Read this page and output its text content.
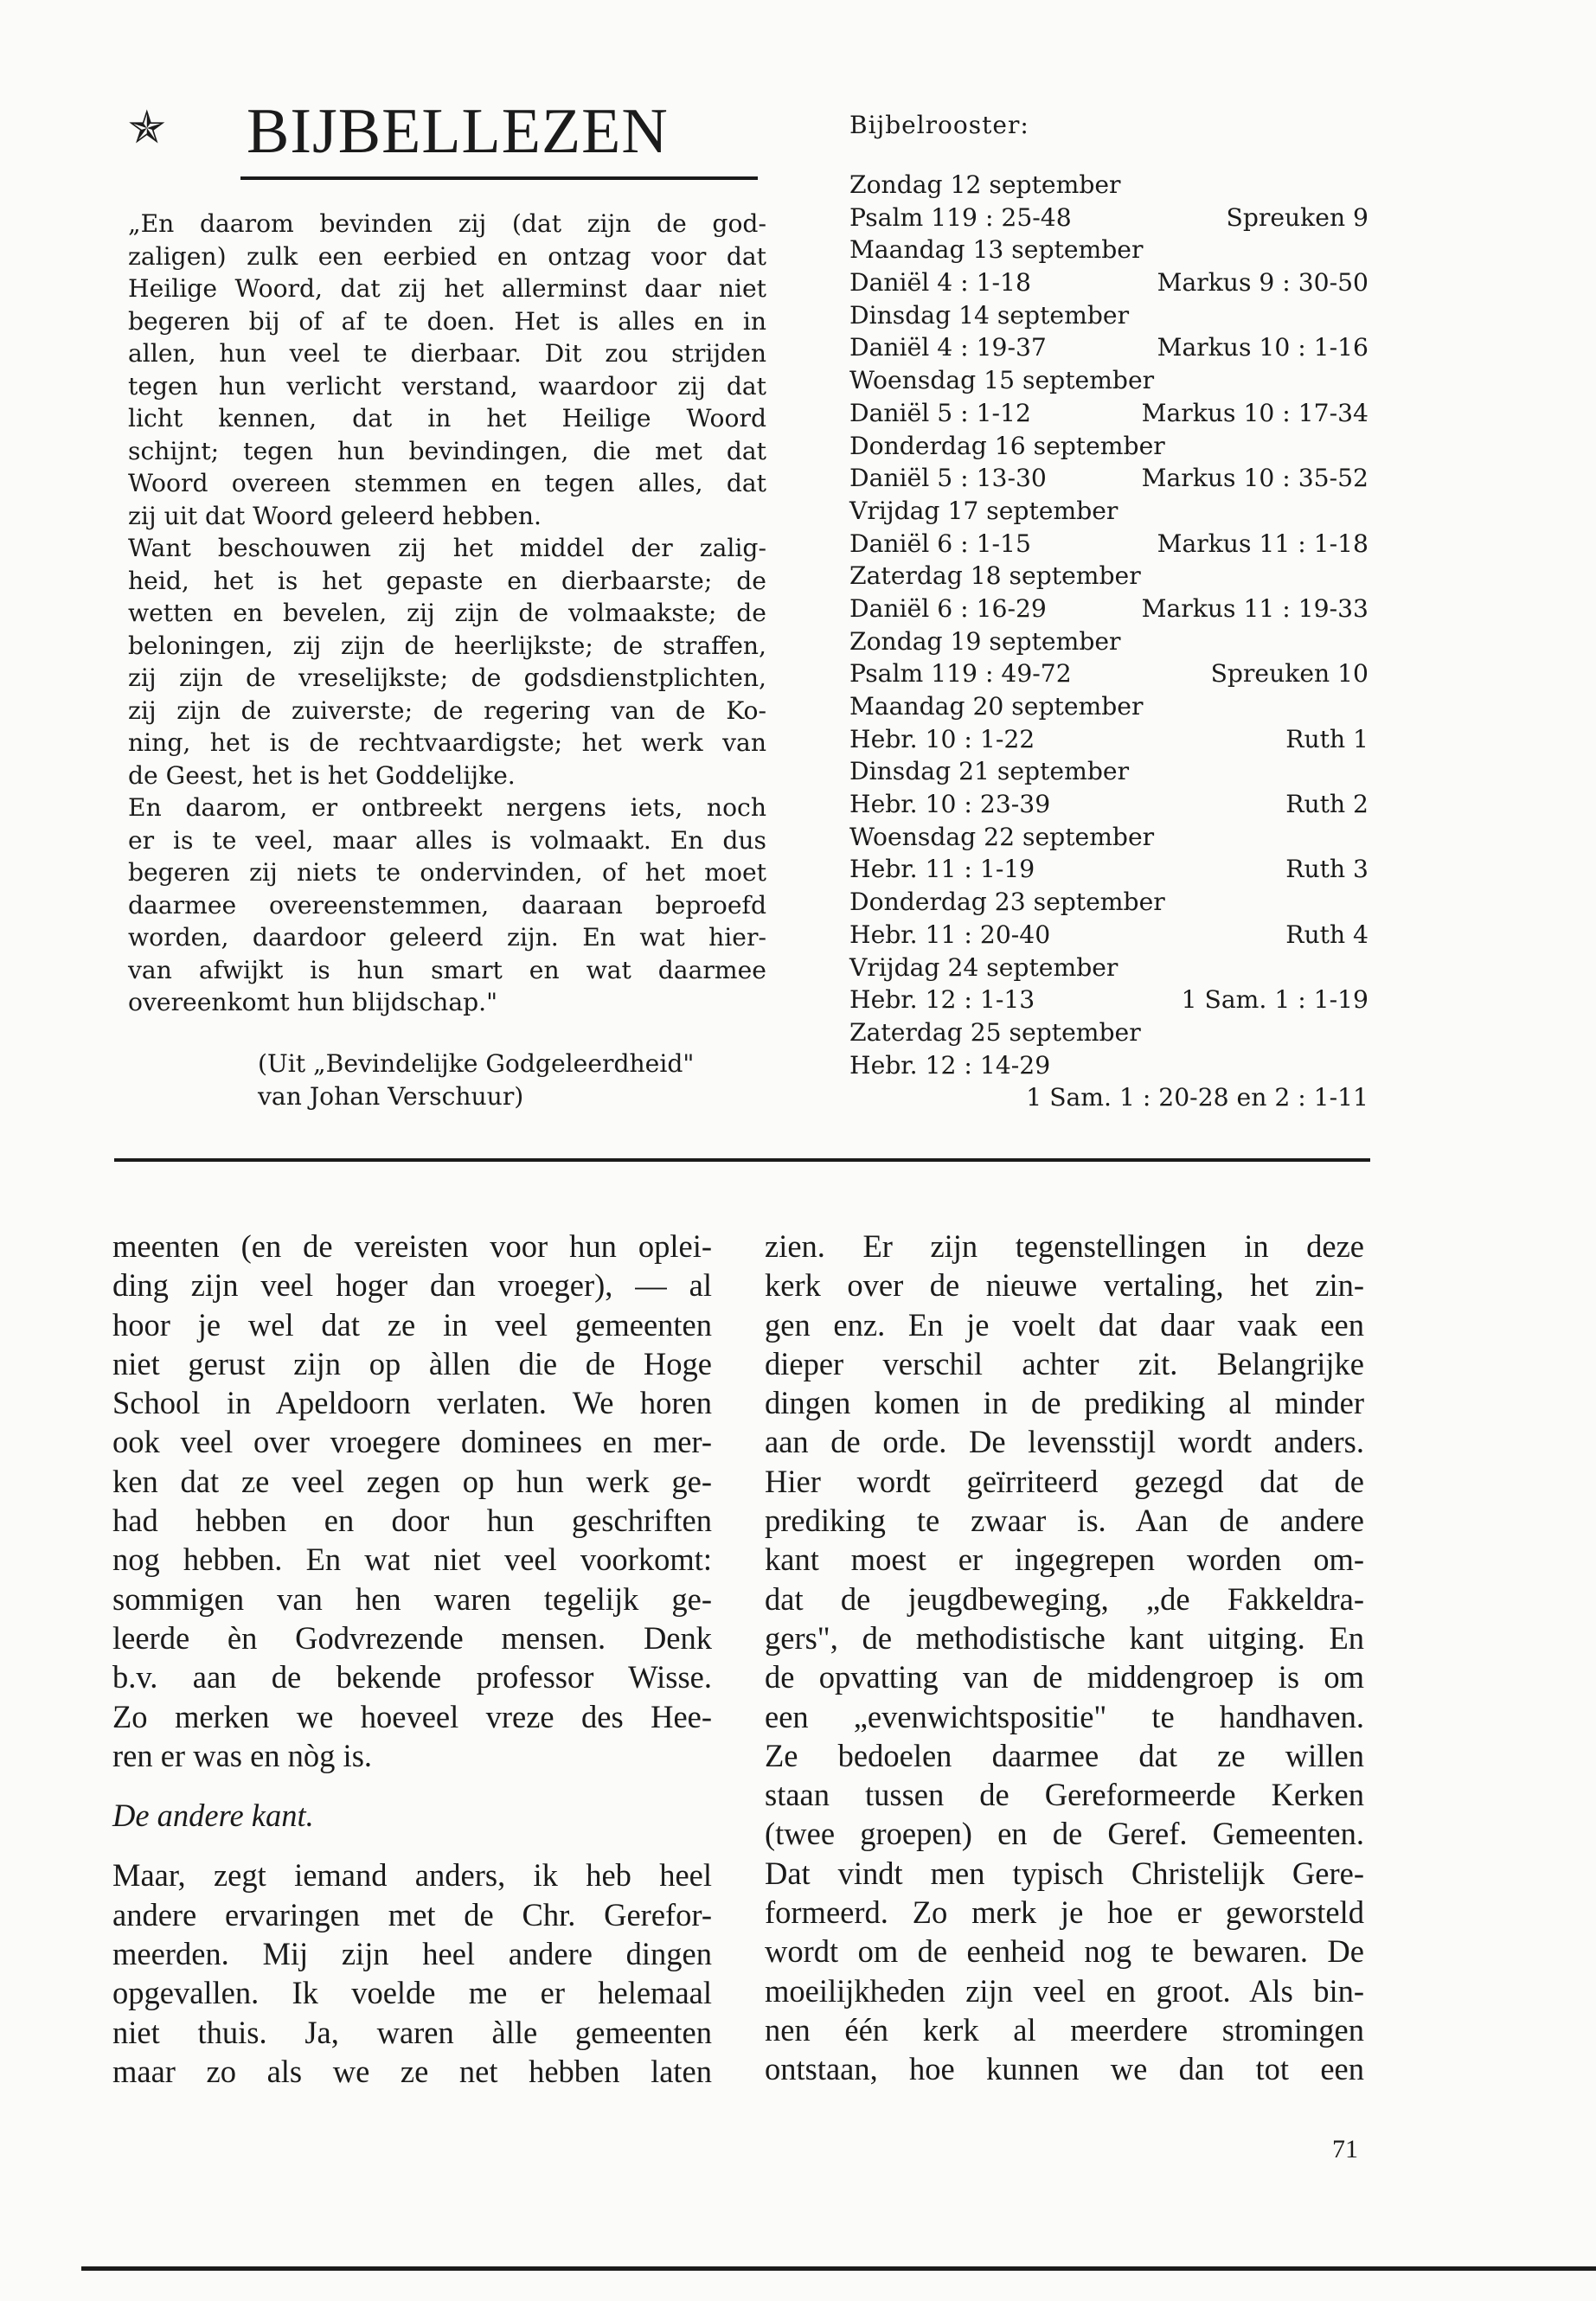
✯ BIJBELLEZEN
„En daarom bevinden zij (dat zijn de god-
zaligen) zulk een eerbied en ontzag voor dat
Heilige Woord, dat zij het allerminst daar niet
begeren bij of af te doen. Het is alles en in
allen, hun veel te dierbaar. Dit zou strijden
tegen hun verlicht verstand, waardoor zij dat
licht kennen, dat in het Heilige Woord
schijnt; tegen hun bevindingen, die met dat
Woord overeen stemmen en tegen alles, dat
zij uit dat Woord geleerd hebben.
Want beschouwen zij het middel der zalig-
heid, het is het gepaste en dierbaarste; de
wetten en bevelen, zij zijn de volmaakste; de
beloningen, zij zijn de heerlijkste; de straffen,
zij zijn de vreselijkste; de godsdienstplichten,
zij zijn de zuiverste; de regering van de Ko-
ning, het is de rechtvaardigste; het werk van
de Geest, het is het Goddelijke.
En daarom, er ontbreekt nergens iets, noch
er is te veel, maar alles is volmaakt. En dus
begeren zij niets te ondervinden, of het moet
daarmee overeenstemmen, daaraan beproefd
worden, daardoor geleerd zijn. En wat hier-
van afwijkt is hun smart en wat daarmee
overeenkomt hun blijdschap."
(Uit „Bevindelijke Godgeleerdheid"
van Johan Verschuur)
Bijbelrooster:
Zondag 12 september
Psalm 119 : 25-48	Spreuken 9
Maandag 13 september
Daniël 4 : 1-18	Markus 9 : 30-50
Dinsdag 14 september
Daniël 4 : 19-37	Markus 10 : 1-16
Woensdag 15 september
Daniël 5 : 1-12	Markus 10 : 17-34
Donderdag 16 september
Daniël 5 : 13-30	Markus 10 : 35-52
Vrijdag 17 september
Daniël 6 : 1-15	Markus 11 : 1-18
Zaterdag 18 september
Daniël 6 : 16-29	Markus 11 : 19-33
Zondag 19 september
Psalm 119 : 49-72	Spreuken 10
Maandag 20 september
Hebr. 10 : 1-22	Ruth 1
Dinsdag 21 september
Hebr. 10 : 23-39	Ruth 2
Woensdag 22 september
Hebr. 11 : 1-19	Ruth 3
Donderdag 23 september
Hebr. 11 : 20-40	Ruth 4
Vrijdag 24 september
Hebr. 12 : 1-13	1 Sam. 1 : 1-19
Zaterdag 25 september
Hebr. 12 : 14-29
1 Sam. 1 : 20-28 en 2 : 1-11
meenten (en de vereisten voor hun oplei-
ding zijn veel hoger dan vroeger), — al
hoor je wel dat ze in veel gemeenten
niet gerust zijn op àllen die de Hoge
School in Apeldoorn verlaten. We horen
ook veel over vroegere dominees en mer-
ken dat ze veel zegen op hun werk ge-
had hebben en door hun geschriften
nog hebben. En wat niet veel voorkomt:
sommigen van hen waren tegelijk ge-
leerde èn Godvrezende mensen. Denk
b.v. aan de bekende professor Wisse.
Zo merken we hoeveel vreze des Hee-
ren er was en nòg is.
De andere kant.
Maar, zegt iemand anders, ik heb heel
andere ervaringen met de Chr. Gerefor-
meerden. Mij zijn heel andere dingen
opgevallen. Ik voelde me er helemaal
niet thuis. Ja, waren àlle gemeenten
maar zo als we ze net hebben laten
zien. Er zijn tegenstellingen in deze
kerk over de nieuwe vertaling, het zin-
gen enz. En je voelt dat daar vaak een
dieper verschil achter zit. Belangrijke
dingen komen in de prediking al minder
aan de orde. De levensstijl wordt anders.
Hier wordt geïrriteerd gezegd dat de
prediking te zwaar is. Aan de andere
kant moest er ingegrepen worden om-
dat de jeugdbeweging, „de Fakkeldra-
gers", de methodistische kant uitging. En
de opvatting van de middengroep is om
een „evenwichtspositie" te handhaven.
Ze bedoelen daarmee dat ze willen
staan tussen de Gereformeerde Kerken
(twee groepen) en de Geref. Gemeenten.
Dat vindt men typisch Christelijk Gere-
formeerd. Zo merk je hoe er geworsteld
wordt om de eenheid nog te bewaren. De
moeilijkheden zijn veel en groot. Als bin-
nen één kerk al meerdere stromingen
ontstaan, hoe kunnen we dan tot een
71
